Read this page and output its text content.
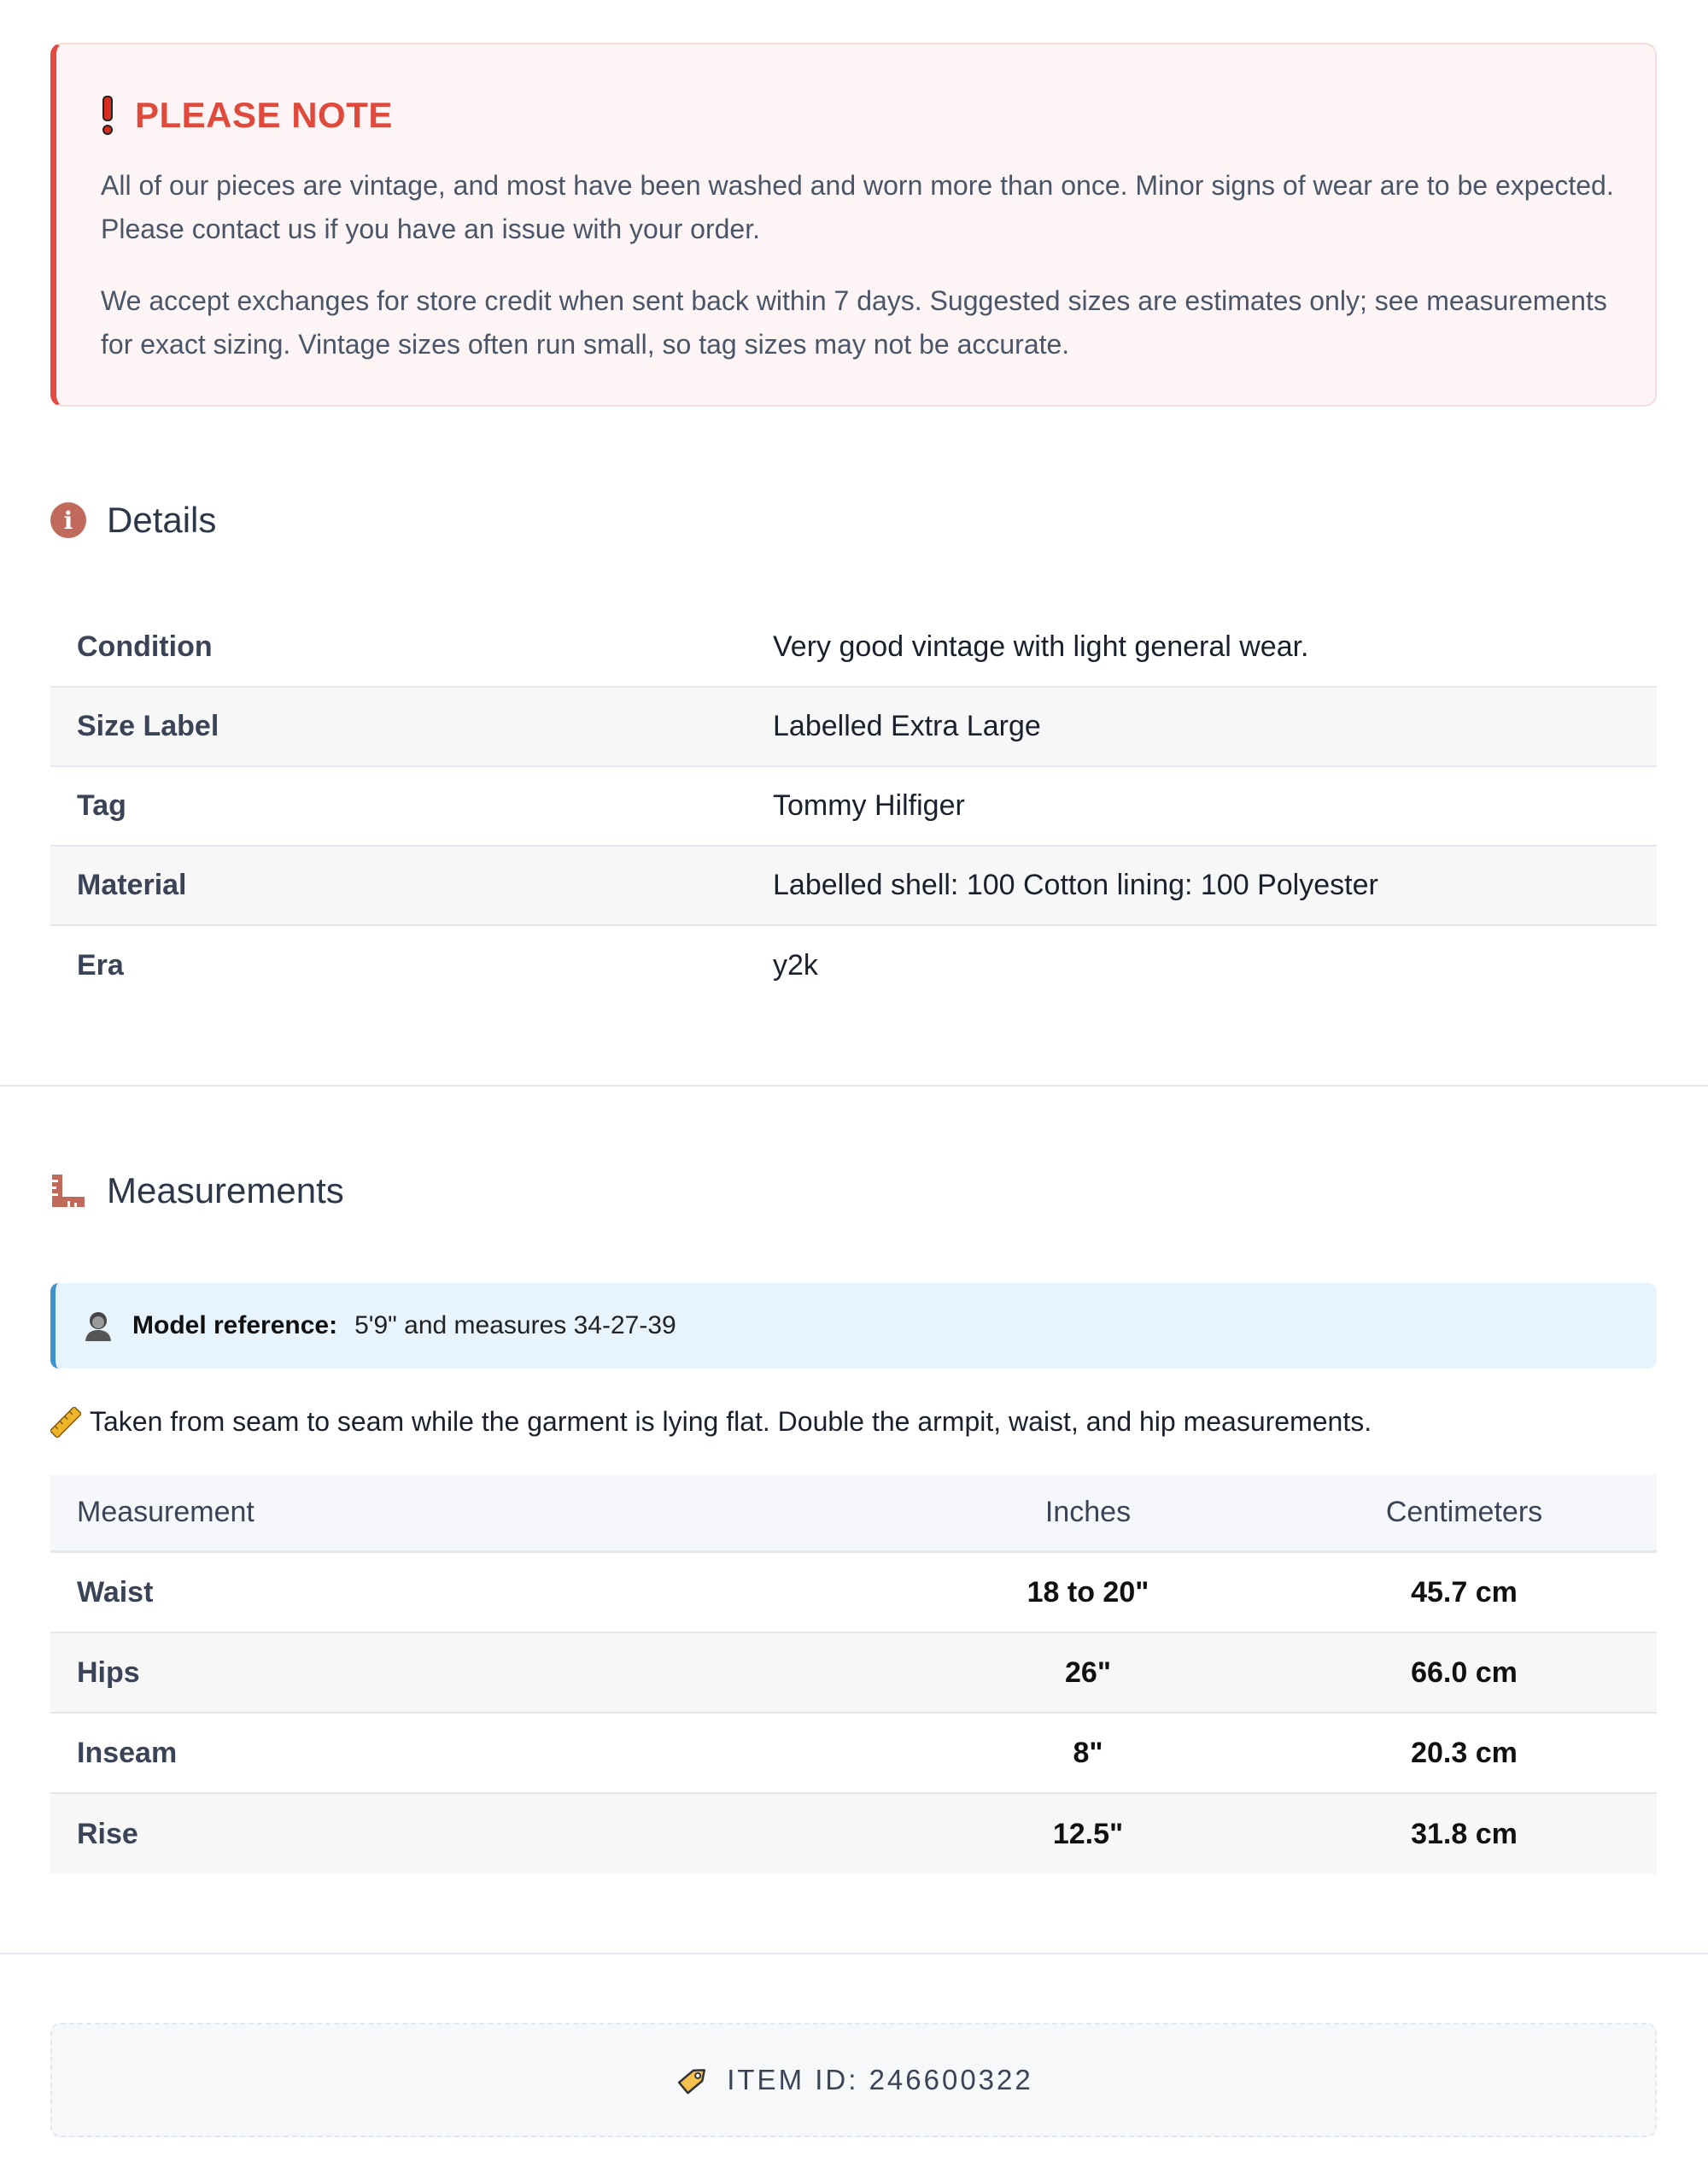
PLEASE NOTE

All of our pieces are vintage, and most have been washed and worn more than once. Minor signs of wear are to be expected. Please contact us if you have an issue with your order.

We accept exchanges for store credit when sent back within 7 days. Suggested sizes are estimates only; see measurements for exact sizing. Vintage sizes often run small, so tag sizes may not be accurate.

i Details
Condition	Very good vintage with light general wear.
Size Label	Labelled Extra Large
Tag	Tommy Hilfiger
Material	Labelled shell: 100 Cotton lining: 100 Polyester
Era	y2k
Measurements
Model reference: 5'9" and measures 34-27-39
Taken from seam to seam while the garment is lying flat. Double the armpit, waist, and hip measurements.
Measurement	Inches	Centimeters
Waist	18 to 20"	45.7 cm
Hips	26"	66.0 cm
Inseam	8"	20.3 cm
Rise	12.5"	31.8 cm
ITEM ID: 246600322
